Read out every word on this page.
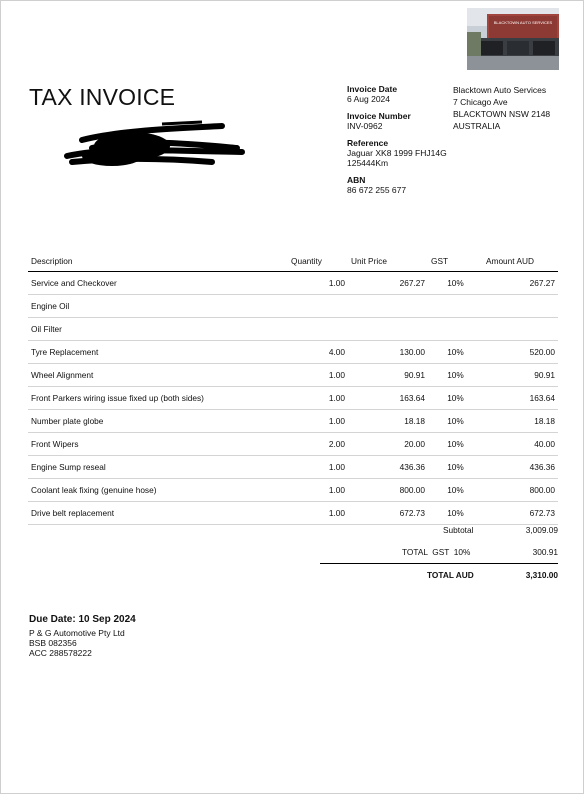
BLACKTOWN AUTO SERVICES
TAX INVOICE	Invoice Date
6 Aug 2024
Invoice Number
INV-0962
Reference
Jaguar XK8 1999 FHJ14G
125444Km
ABN
86 672 255 677
Blacktown Auto Services
7 Chicago Ave
BLACKTOWN NSW 2148
AUSTRALIA
Description	Quantity	Unit Price	GST	Amount AUD
Service and Checkover	1.00	267.27	10%	267.27
Engine Oil				
Oil Filter				
Tyre Replacement	4.00	130.00	10%	520.00
Wheel Alignment	1.00	90.91	10%	90.91
Front Parkers wiring issue fixed up (both sides)	1.00	163.64	10%	163.64
Number plate globe	1.00	18.18	10%	18.18
Front Wipers	2.00	20.00	10%	40.00
Engine Sump reseal	1.00	436.36	10%	436.36
Coolant leak fixing (genuine hose)	1.00	800.00	10%	800.00
Drive belt replacement	1.00	672.73	10%	672.73
Subtotal	3,009.09
TOTAL  GST  10%	300.91
TOTAL AUD	3,310.00
Due Date: 10 Sep 2024
P & G Automotive Pty Ltd
BSB 082356
ACC 288578222
